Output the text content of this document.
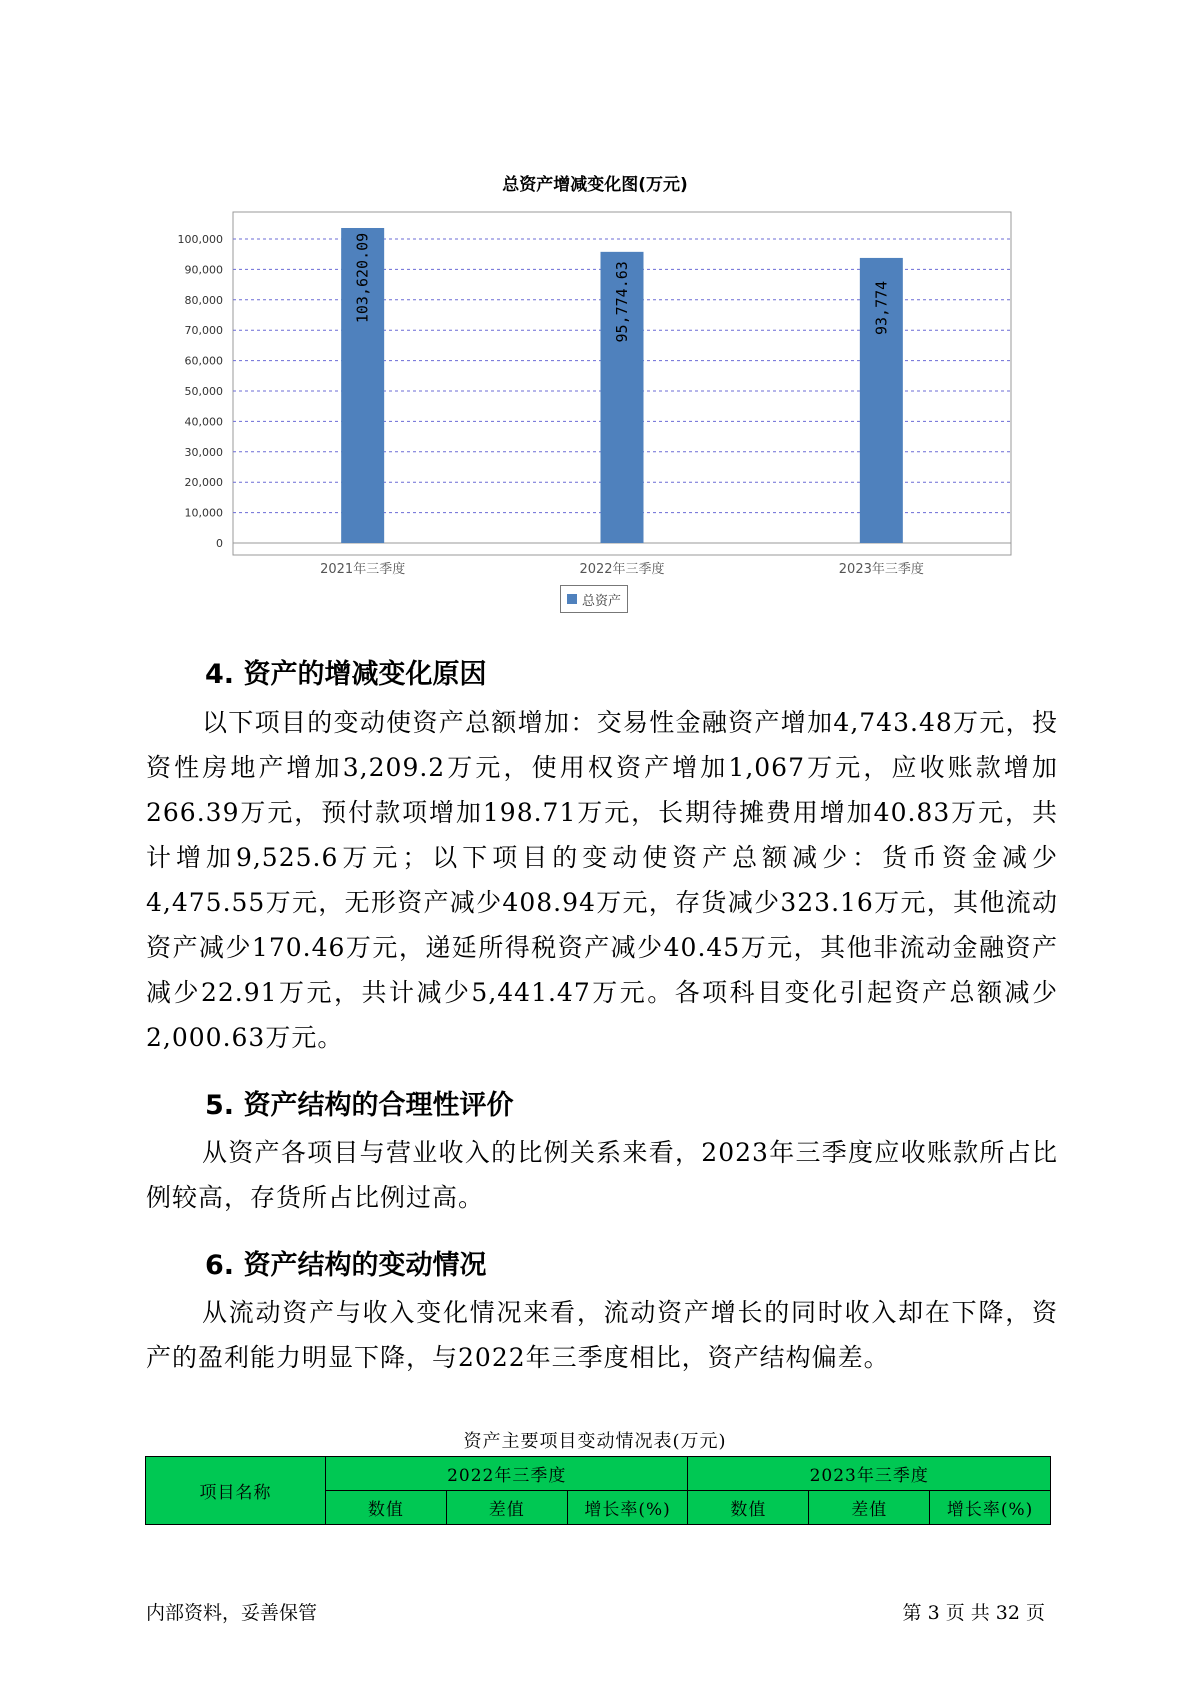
总资产增减变化图(万元)
100,000
90,000
80,000
70,000
60,000
50,000
40,000
30,000
20,000
10,000
0
103,620.09
2021年三季度
95,774.63
2022年三季度
93,774
2023年三季度
总资产
4. 资产的增减变化原因

以下项目的变动使资产总额增加：交易性金融资产增加4,743.48万元，投资性房地产增加3,209.2万元，使用权资产增加1,067万元，应收账款增加266.39万元，预付款项增加198.71万元，长期待摊费用增加40.83万元，共计增加9,525.6万元；以下项目的变动使资产总额减少：货币资金减少4,475.55万元，无形资产减少408.94万元，存货减少323.16万元，其他流动资产减少170.46万元，递延所得税资产减少40.45万元，其他非流动金融资产减少22.91万元，共计减少5,441.47万元。各项科目变化引起资产总额减少2,000.63万元。

5. 资产结构的合理性评价

从资产各项目与营业收入的比例关系来看，2023年三季度应收账款所占比例较高，存货所占比例过高。

6. 资产结构的变动情况

从流动资产与收入变化情况来看，流动资产增长的同时收入却在下降，资产的盈利能力明显下降，与2022年三季度相比，资产结构偏差。

资产主要项目变动情况表(万元)
项目名称	2022年三季度			2023年三季度		
	数值	差值	增长率(%)	数值	差值	增长率(%)
内部资料，妥善保管	第 3 页 共 32 页
